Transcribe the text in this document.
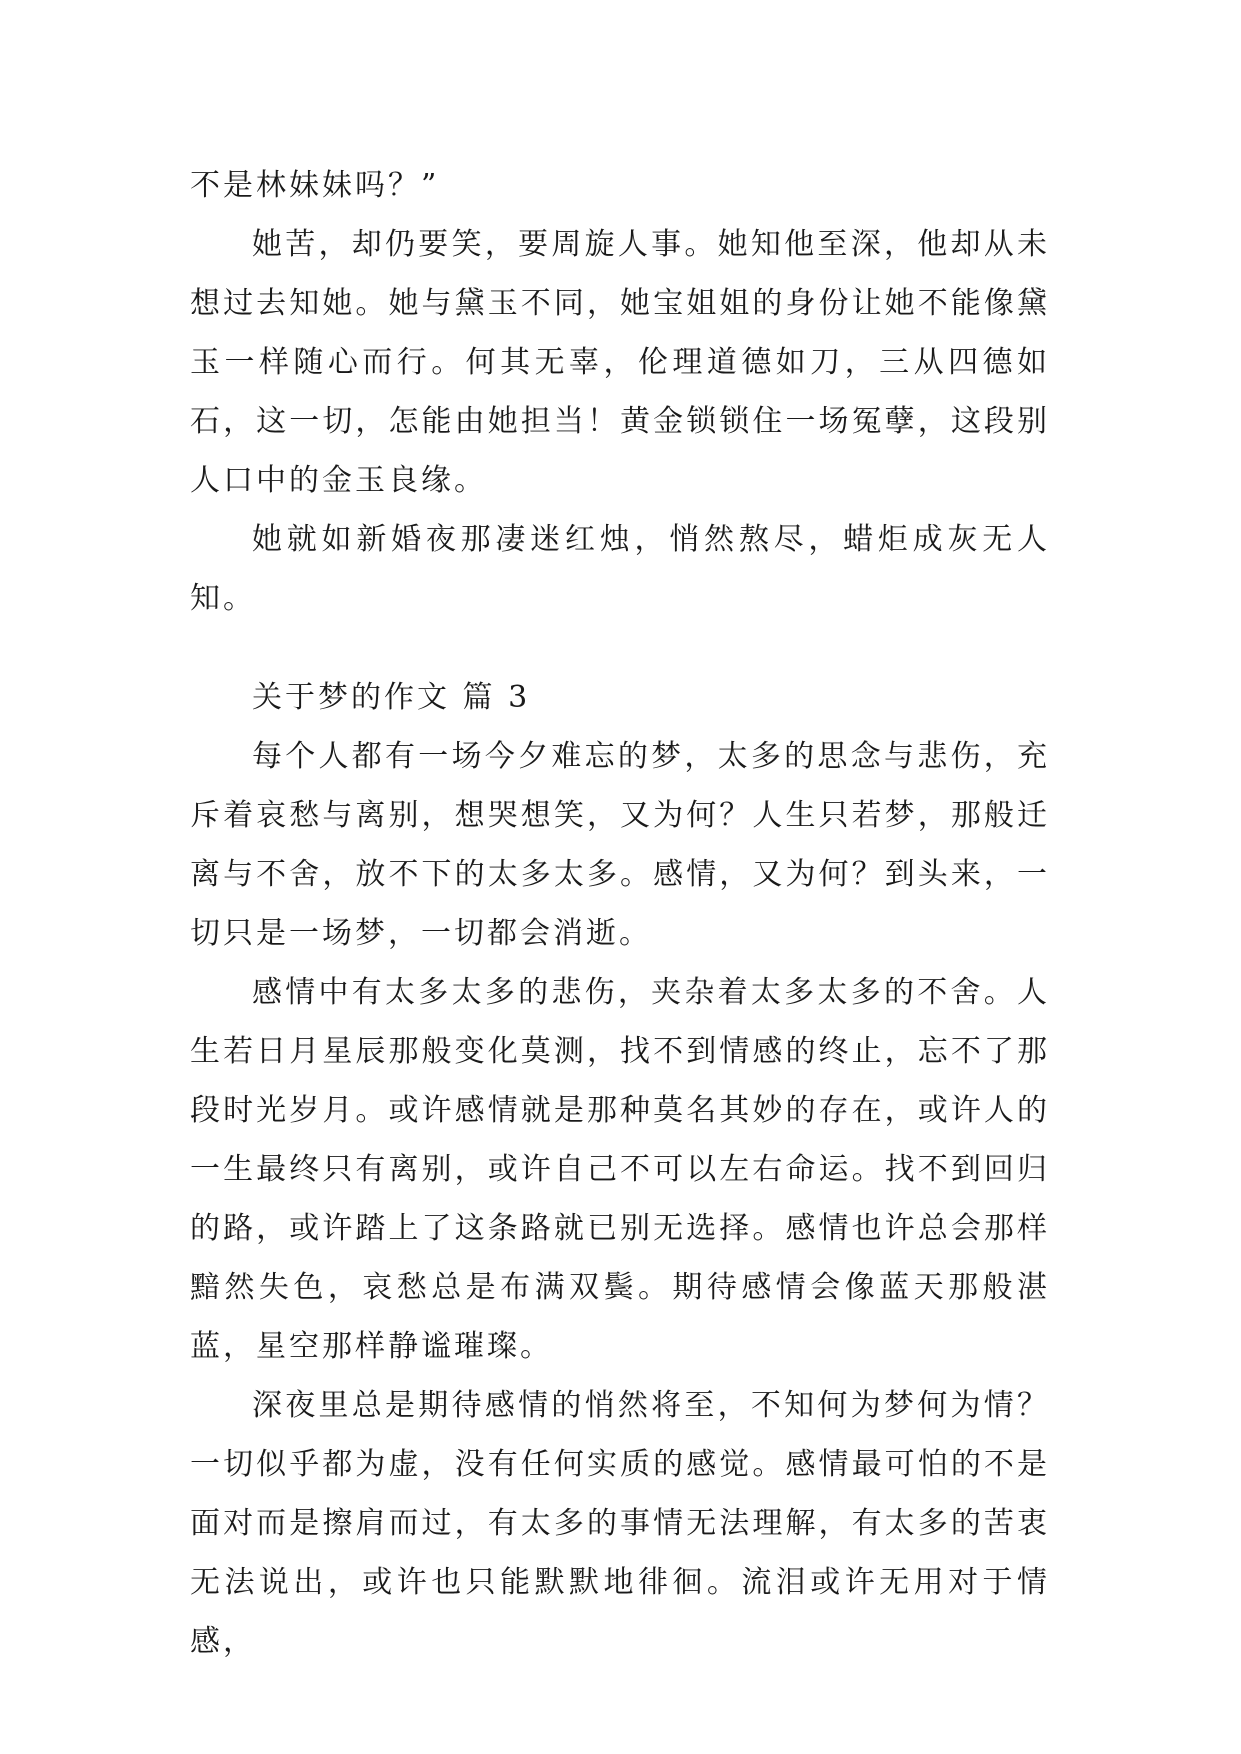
不是林妹妹吗？”

她苦，却仍要笑，要周旋人事。她知他至深，他却从未想过去知她。她与黛玉不同，她宝姐姐的身份让她不能像黛玉一样随心而行。何其无辜，伦理道德如刀，三从四德如石，这一切，怎能由她担当！黄金锁锁住一场冤孽，这段别人口中的金玉良缘。

她就如新婚夜那凄迷红烛，悄然熬尽，蜡炬成灰无人知。

关于梦的作文 篇 3

每个人都有一场今夕难忘的梦，太多的思念与悲伤，充斥着哀愁与离别，想哭想笑，又为何？人生只若梦，那般迁离与不舍，放不下的太多太多。感情，又为何？到头来，一切只是一场梦，一切都会消逝。

感情中有太多太多的悲伤，夹杂着太多太多的不舍。人生若日月星辰那般变化莫测，找不到情感的终止，忘不了那段时光岁月。或许感情就是那种莫名其妙的存在，或许人的一生最终只有离别，或许自己不可以左右命运。找不到回归的路，或许踏上了这条路就已别无选择。感情也许总会那样黯然失色，哀愁总是布满双鬓。期待感情会像蓝天那般湛蓝，星空那样静谧璀璨。

深夜里总是期待感情的悄然将至，不知何为梦何为情？一切似乎都为虚，没有任何实质的感觉。感情最可怕的不是面对而是擦肩而过，有太多的事情无法理解，有太多的苦衷无法说出，或许也只能默默地徘徊。流泪或许无用对于情感，
